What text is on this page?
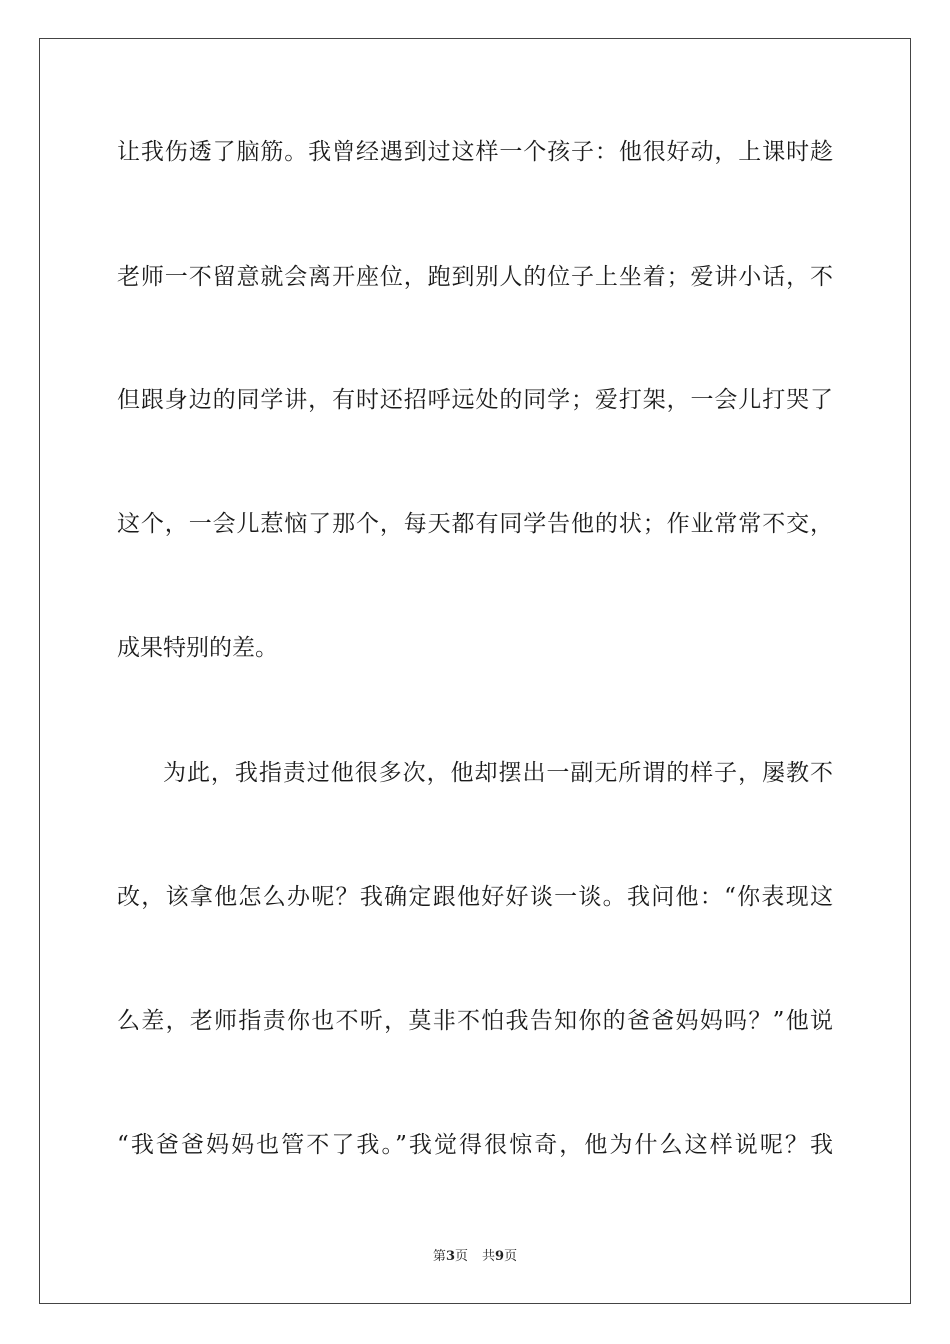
让我伤透了脑筋。我曾经遇到过这样一个孩子：他很好动，上课时趁
老师一不留意就会离开座位，跑到别人的位子上坐着；爱讲小话，不
但跟身边的同学讲，有时还招呼远处的同学；爱打架，一会儿打哭了
这个，一会儿惹恼了那个，每天都有同学告他的状；作业常常不交，
成果特别的差。
为此，我指责过他很多次，他却摆出一副无所谓的样子，屡教不
改，该拿他怎么办呢？我确定跟他好好谈一谈。我问他：“你表现这
么差，老师指责你也不听，莫非不怕我告知你的爸爸妈妈吗？”他说
“我爸爸妈妈也管不了我。”我觉得很惊奇，他为什么这样说呢？我
第3页 共9页
